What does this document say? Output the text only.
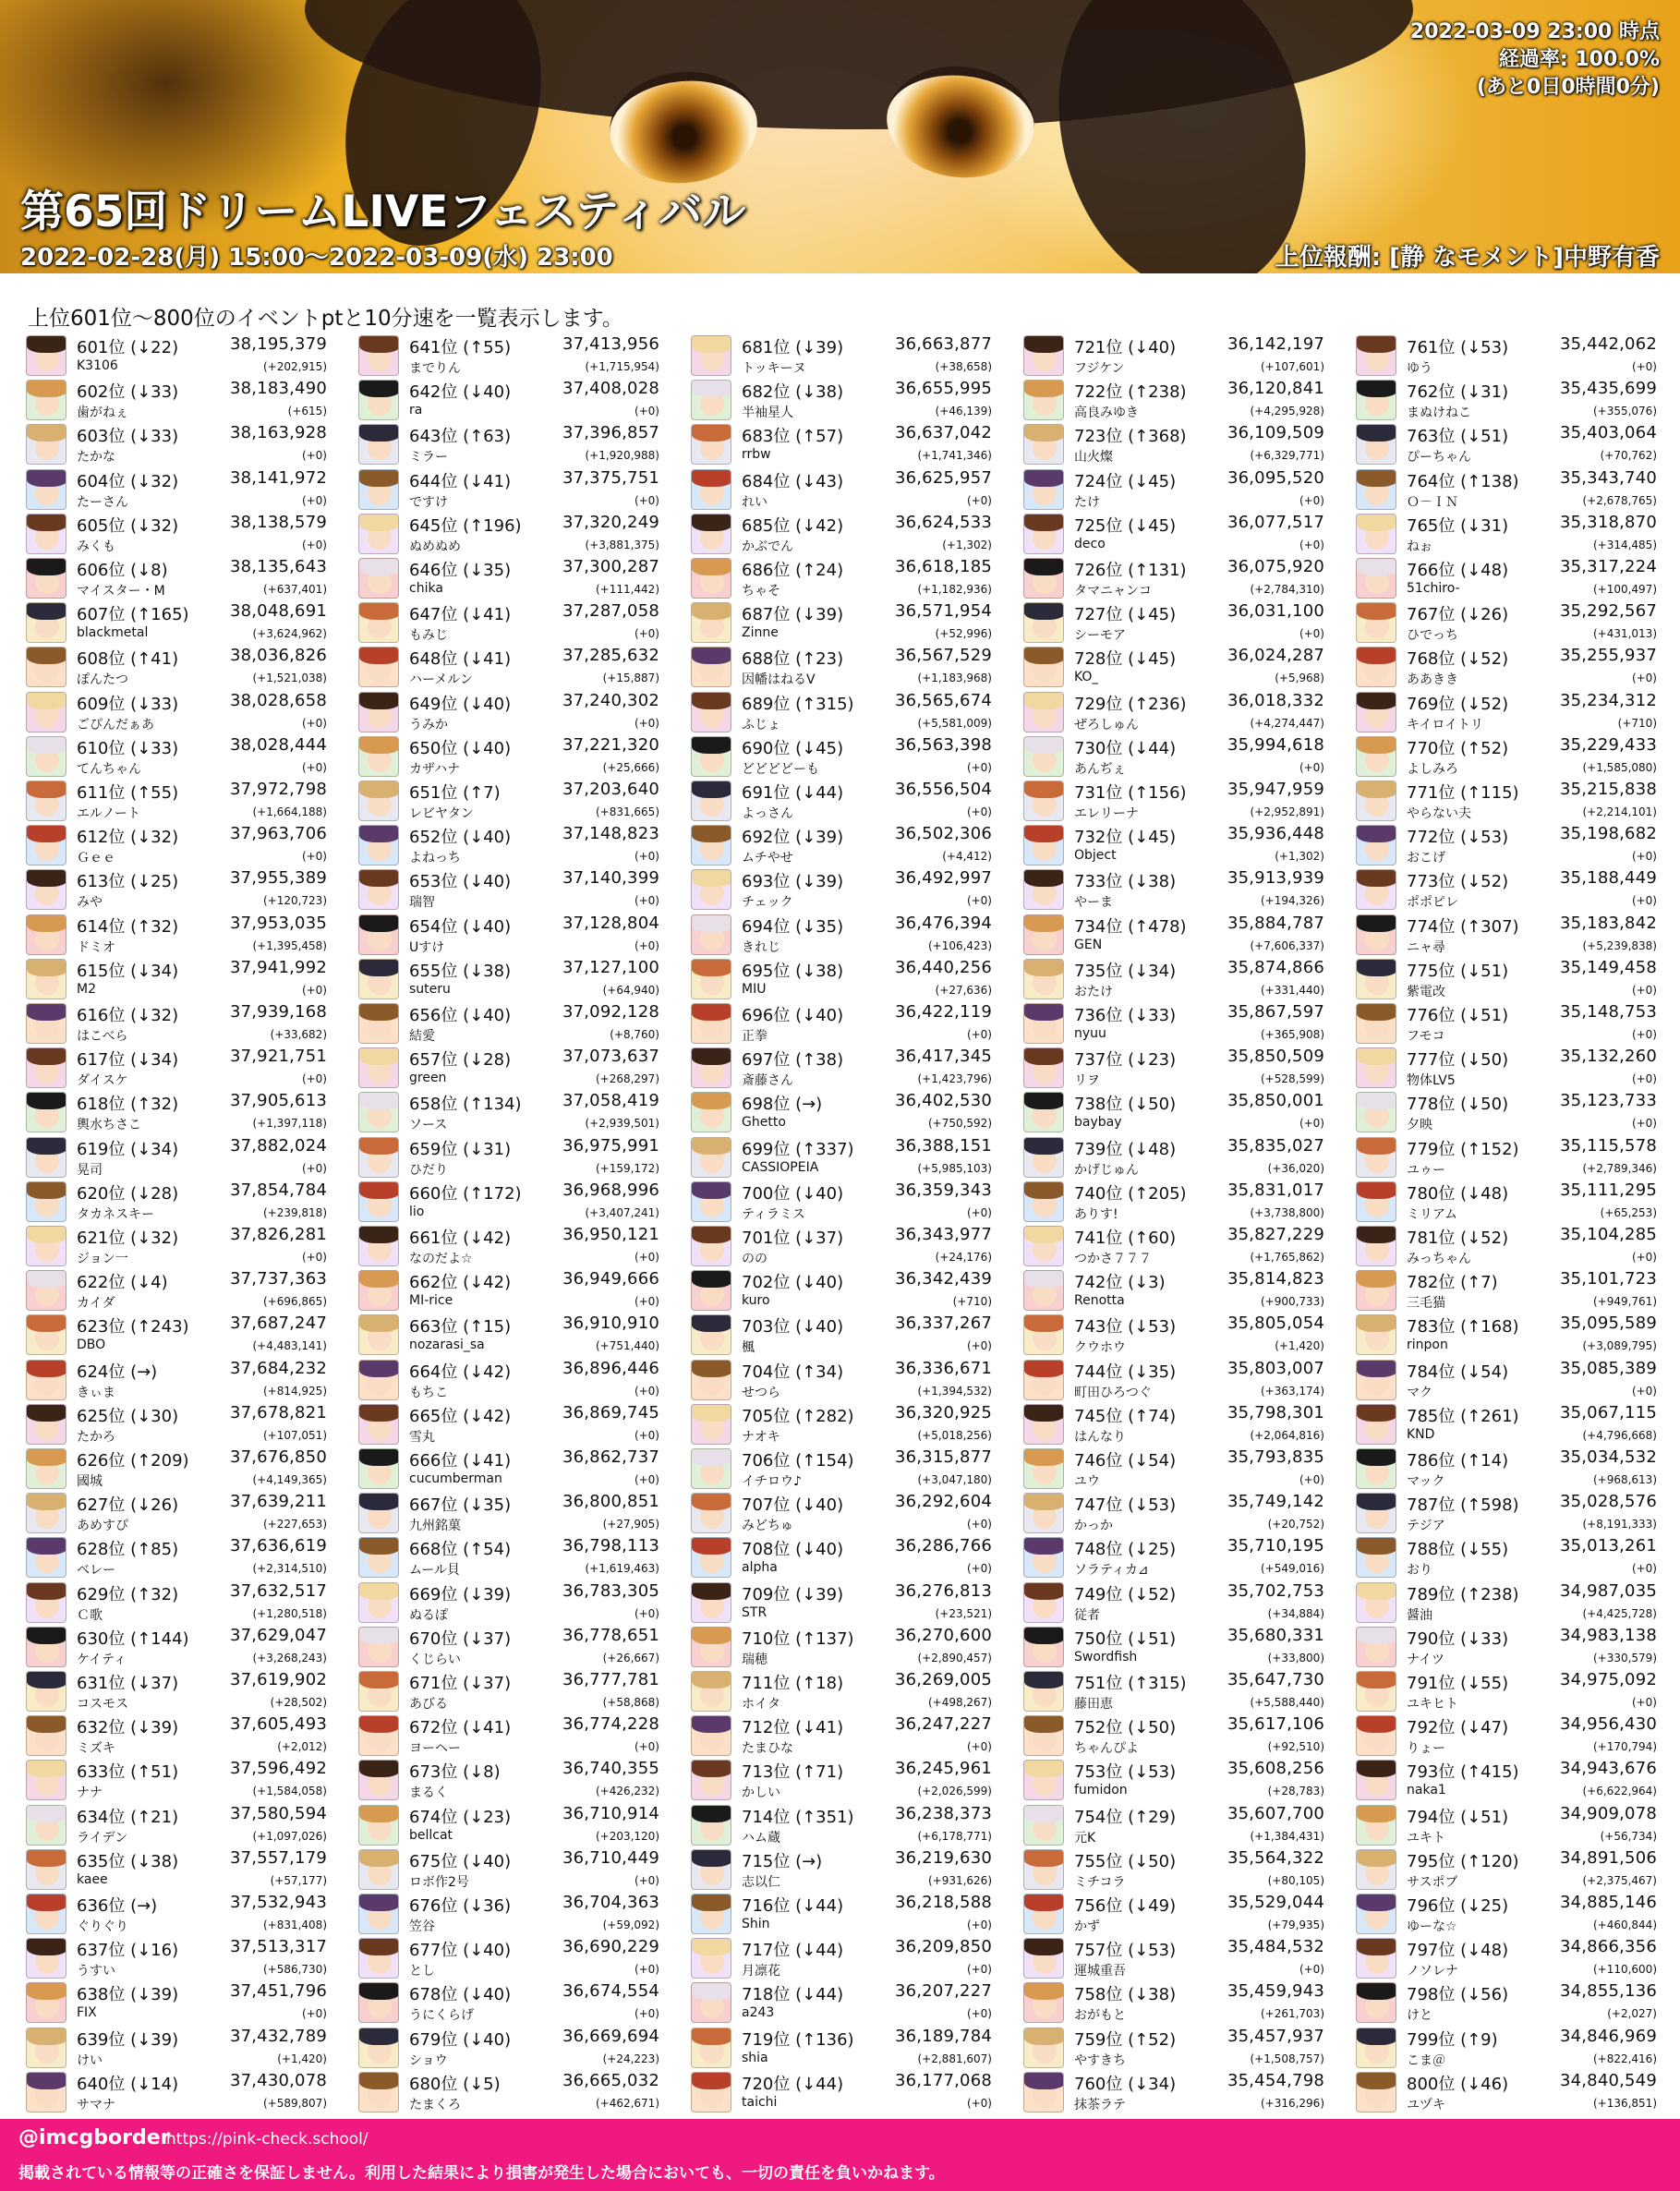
2022-03-09 23:00 時点
経過率: 100.0%
(あと0日0時間0分)
第65回ドリームLIVEフェスティバル
2022-02-28(月) 15:00～2022-03-09(水) 23:00	上位報酬: [静 なモメント]中野有香
上位601位～800位のイベントptと10分速を一覧表示します。
601位 (↓22)	38,195,379
K3106	(+202,915)
602位 (↓33)	38,183,490
歯がねぇ	(+615)
603位 (↓33)	38,163,928
たかな	(+0)
604位 (↓32)	38,141,972
たーさん	(+0)
605位 (↓32)	38,138,579
みくも	(+0)
606位 (↓8)	38,135,643
マイスター・M	(+637,401)
607位 (↑165) 38,048,691
blackmetal	(+3,624,962)
608位 (↑41)	38,036,826
ぽんたつ	(+1,521,038)
609位 (↓33)	38,028,658
ごぴんだぁあ	(+0)
610位 (↓33)	38,028,444
てんちゃん	(+0)
611位 (↑55)	37,972,798
エルノート	(+1,664,188)
612位 (↓32)	37,963,706
Ｇｅｅ	(+0)
613位 (↓25)	37,955,389
みや	(+120,723)
614位 (↑32)	37,953,035
ドミオ	(+1,395,458)
615位 (↓34)	37,941,992
M2	(+0)
616位 (↓32)	37,939,168
はこべら	(+33,682)
617位 (↓34)	37,921,751
ダイスケ	(+0)
618位 (↑32)	37,905,613
輿水ちさこ	(+1,397,118)
619位 (↓34)	37,882,024
晃司	(+0)
620位 (↓28)	37,854,784
タカネスキー	(+239,818)
621位 (↓32)	37,826,281
ジョン一	(+0)
622位 (↓4)	37,737,363
カイダ	(+696,865)
623位 (↑243) 37,687,247
DBO	(+4,483,141)
624位 (→)	37,684,232
きぃま	(+814,925)
625位 (↓30)	37,678,821
たかろ	(+107,051)
626位 (↑209) 37,676,850
國城	(+4,149,365)
627位 (↓26)	37,639,211
あめすぴ	(+227,653)
628位 (↑85)	37,636,619
ベレー	(+2,314,510)
629位 (↑32)	37,632,517
Ｃ歌	(+1,280,518)
630位 (↑144) 37,629,047
ケイティ	(+3,268,243)
631位 (↓37)	37,619,902
コスモス	(+28,502)
632位 (↓39)	37,605,493
ミズキ	(+2,012)
633位 (↑51)	37,596,492
ナナ	(+1,584,058)
634位 (↑21)	37,580,594
ライデン	(+1,097,026)
635位 (↓38)	37,557,179
kaee	(+57,177)
636位 (→)	37,532,943
ぐりぐり	(+831,408)
637位 (↓16)	37,513,317
うすい	(+586,730)
638位 (↓39)	37,451,796
FIX	(+0)
639位 (↓39)	37,432,789
けい	(+1,420)
640位 (↓14)	37,430,078
サマナ	(+589,807)
641位 (↑55)	37,413,956
までりん	(+1,715,954)
642位 (↓40)	37,408,028
ra	(+0)
643位 (↑63)	37,396,857
ミラー	(+1,920,988)
644位 (↓41)	37,375,751
ですけ	(+0)
645位 (↑196) 37,320,249
ぬめぬめ	(+3,881,375)
646位 (↓35)	37,300,287
chika	(+111,442)
647位 (↓41)	37,287,058
もみじ	(+0)
648位 (↓41)	37,285,632
ハーメルン	(+15,887)
649位 (↓40)	37,240,302
うみか	(+0)
650位 (↓40)	37,221,320
カザハナ	(+25,666)
651位 (↑7)	37,203,640
レビヤタン	(+831,665)
652位 (↓40)	37,148,823
よねっち	(+0)
653位 (↓40)	37,140,399
瑞智	(+0)
654位 (↓40)	37,128,804
Uすけ	(+0)
655位 (↓38)	37,127,100
suteru	(+64,940)
656位 (↓40)	37,092,128
結愛	(+8,760)
657位 (↓28)	37,073,637
green	(+268,297)
658位 (↑134) 37,058,419
ソース	(+2,939,501)
659位 (↓31)	36,975,991
ひだり	(+159,172)
660位 (↑172) 36,968,996
lio	(+3,407,241)
661位 (↓42)	36,950,121
なのだよ☆	(+0)
662位 (↓42)	36,949,666
MI-rice	(+0)
663位 (↑15)	36,910,910
nozarasi_sa	(+751,440)
664位 (↓42)	36,896,446
もちこ	(+0)
665位 (↓42)	36,869,745
雪丸	(+0)
666位 (↓41)	36,862,737
cucumberman	(+0)
667位 (↓35)	36,800,851
九州銘菓	(+27,905)
668位 (↑54)	36,798,113
ムール貝	(+1,619,463)
669位 (↓39)	36,783,305
ぬるぽ	(+0)
670位 (↓37)	36,778,651
くじらい	(+26,667)
671位 (↓37)	36,777,781
あびる	(+58,868)
672位 (↓41)	36,774,228
ヨーヘー	(+0)
673位 (↓8)	36,740,355
まるく	(+426,232)
674位 (↓23)	36,710,914
bellcat	(+203,120)
675位 (↓40)	36,710,449
ロボ作2号	(+0)
676位 (↓36)	36,704,363
笠谷	(+59,092)
677位 (↓40)	36,690,229
とし	(+0)
678位 (↓40)	36,674,554
うにくらげ	(+0)
679位 (↓40)	36,669,694
ショウ	(+24,223)
680位 (↓5)	36,665,032
たまくろ	(+462,671)
681位 (↓39)	36,663,877
トッキーヌ	(+38,658)
682位 (↓38)	36,655,995
半袖星人	(+46,139)
683位 (↑57)	36,637,042
rrbw	(+1,741,346)
684位 (↓43)	36,625,957
れい	(+0)
685位 (↓42)	36,624,533
かぶでん	(+1,302)
686位 (↑24)	36,618,185
ちゃそ	(+1,182,936)
687位 (↓39)	36,571,954
Zinne	(+52,996)
688位 (↑23)	36,567,529
因幡はねるV	(+1,183,968)
689位 (↑315) 36,565,674
ふじょ	(+5,581,009)
690位 (↓45)	36,563,398
どどどどーも	(+0)
691位 (↓44)	36,556,504
よっさん	(+0)
692位 (↓39)	36,502,306
ムチやせ	(+4,412)
693位 (↓39)	36,492,997
チェック	(+0)
694位 (↓35)	36,476,394
きれじ	(+106,423)
695位 (↓38)	36,440,256
MIU	(+27,636)
696位 (↓40)	36,422,119
正拳	(+0)
697位 (↑38)	36,417,345
斎藤さん	(+1,423,796)
698位 (→)	36,402,530
Ghetto	(+750,592)
699位 (↑337) 36,388,151
CASSIOPEIA	(+5,985,103)
700位 (↓40)	36,359,343
ティラミス	(+0)
701位 (↓37)	36,343,977
のの	(+24,176)
702位 (↓40)	36,342,439
kuro	(+710)
703位 (↓40)	36,337,267
楓	(+0)
704位 (↑34)	36,336,671
せつら	(+1,394,532)
705位 (↑282) 36,320,925
ナオキ	(+5,018,256)
706位 (↑154) 36,315,877
イチロウ♪	(+3,047,180)
707位 (↓40)	36,292,604
みどちゅ	(+0)
708位 (↓40)	36,286,766
alpha	(+0)
709位 (↓39)	36,276,813
STR	(+23,521)
710位 (↑137) 36,270,600
瑞穂	(+2,890,457)
711位 (↑18)	36,269,005
ホイタ	(+498,267)
712位 (↓41)	36,247,227
たまひな	(+0)
713位 (↑71)	36,245,961
かしい	(+2,026,599)
714位 (↑351) 36,238,373
ハム蔵	(+6,178,771)
715位 (→)	36,219,630
志以仁	(+931,626)
716位 (↓44)	36,218,588
Shin	(+0)
717位 (↓44)	36,209,850
月凛花	(+0)
718位 (↓44)	36,207,227
a243	(+0)
719位 (↑136) 36,189,784
shia	(+2,881,607)
720位 (↓44)	36,177,068
taichi	(+0)
721位 (↓40)	36,142,197
フジケン	(+107,601)
722位 (↑238) 36,120,841
高良みゆき	(+4,295,928)
723位 (↑368) 36,109,509
山火燦	(+6,329,771)
724位 (↓45)	36,095,520
たけ	(+0)
725位 (↓45)	36,077,517
deco	(+0)
726位 (↑131) 36,075,920
タマニャンコ	(+2,784,310)
727位 (↓45)	36,031,100
シーモア	(+0)
728位 (↓45)	36,024,287
KO_	(+5,968)
729位 (↑236) 36,018,332
ぜろしゅん	(+4,274,447)
730位 (↓44)	35,994,618
あんぢぇ	(+0)
731位 (↑156) 35,947,959
エレリーナ	(+2,952,891)
732位 (↓45)	35,936,448
Object	(+1,302)
733位 (↓38)	35,913,939
やーま	(+194,326)
734位 (↑478) 35,884,787
GEN	(+7,606,337)
735位 (↓34)	35,874,866
おたけ	(+331,440)
736位 (↓33)	35,867,597
nyuu	(+365,908)
737位 (↓23)	35,850,509
リヲ	(+528,599)
738位 (↓50)	35,850,001
baybay	(+0)
739位 (↓48)	35,835,027
かげじゅん	(+36,020)
740位 (↑205) 35,831,017
ありす!	(+3,738,800)
741位 (↑60)	35,827,229
つかさ７７７	(+1,765,862)
742位 (↓3)	35,814,823
Renotta	(+900,733)
743位 (↓53)	35,805,054
クウホウ	(+1,420)
744位 (↓35)	35,803,007
町田ひろつぐ	(+363,174)
745位 (↑74)	35,798,301
はんなり	(+2,064,816)
746位 (↓54)	35,793,835
ユウ	(+0)
747位 (↓53)	35,749,142
かっか	(+20,752)
748位 (↓25)	35,710,195
ソラティカ⊿	(+549,016)
749位 (↓52)	35,702,753
従者	(+34,884)
750位 (↓51)	35,680,331
Swordfish	(+33,800)
751位 (↑315) 35,647,730
藤田恵	(+5,588,440)
752位 (↓50)	35,617,106
ちゃんぴよ	(+92,510)
753位 (↓53)	35,608,256
fumidon	(+28,783)
754位 (↑29)	35,607,700
元K	(+1,384,431)
755位 (↓50)	35,564,322
ミチコラ	(+80,105)
756位 (↓49)	35,529,044
かず	(+79,935)
757位 (↓53)	35,484,532
運城重吾	(+0)
758位 (↓38)	35,459,943
おがもと	(+261,703)
759位 (↑52)	35,457,937
やすきち	(+1,508,757)
760位 (↓34)	35,454,798
抹茶ラテ	(+316,296)
761位 (↓53)	35,442,062
ゆう	(+0)
762位 (↓31)	35,435,699
まぬけねこ	(+355,076)
763位 (↓51)	35,403,064
ぴーちゃん	(+70,762)
764位 (↑138) 35,343,740
Ｏ－ＩＮ	(+2,678,765)
765位 (↓31)	35,318,870
ねぉ	(+314,485)
766位 (↓48)	35,317,224
51chiro-	(+100,497)
767位 (↓26)	35,292,567
ひでっち	(+431,013)
768位 (↓52)	35,255,937
ああきき	(+0)
769位 (↓52)	35,234,312
キイロイトリ	(+710)
770位 (↑52)	35,229,433
よしみろ	(+1,585,080)
771位 (↑115) 35,215,838
やらない夫	(+2,214,101)
772位 (↓53)	35,198,682
おこげ	(+0)
773位 (↓52)	35,188,449
ポポピレ	(+0)
774位 (↑307) 35,183,842
ニャ尋	(+5,239,838)
775位 (↓51)	35,149,458
紫電改	(+0)
776位 (↓51)	35,148,753
フモコ	(+0)
777位 (↓50)	35,132,260
物体LV5	(+0)
778位 (↓50)	35,123,733
夕映	(+0)
779位 (↑152) 35,115,578
ユゥー	(+2,789,346)
780位 (↓48)	35,111,295
ミリアム	(+65,253)
781位 (↓52)	35,104,285
みっちゃん	(+0)
782位 (↑7)	35,101,723
三毛猫	(+949,761)
783位 (↑168) 35,095,589
rinpon	(+3,089,795)
784位 (↓54)	35,085,389
マク	(+0)
785位 (↑261) 35,067,115
KND	(+4,796,668)
786位 (↑14)	35,034,532
マック	(+968,613)
787位 (↑598) 35,028,576
テジア	(+8,191,333)
788位 (↓55)	35,013,261
おり	(+0)
789位 (↑238) 34,987,035
醤油	(+4,425,728)
790位 (↓33)	34,983,138
ナイツ	(+330,579)
791位 (↓55)	34,975,092
ユキヒト	(+0)
792位 (↓47)	34,956,430
りょー	(+170,794)
793位 (↑415) 34,943,676
naka1	(+6,622,964)
794位 (↓51)	34,909,078
ユキト	(+56,734)
795位 (↑120) 34,891,506
サスポブ	(+2,375,467)
796位 (↓25)	34,885,146
ゆーな☆	(+460,844)
797位 (↓48)	34,866,356
ノソレナ	(+110,600)
798位 (↓56)	34,855,136
けと	(+2,027)
799位 (↑9)	34,846,969
こま＠	(+822,416)
800位 (↓46)	34,840,549
ユヅキ	(+136,851)
@imcgborder
https://pink-check.school/
掲載されている情報等の正確さを保証しません。利用した結果により損害が発生した場合においても、一切の責任を負いかねます。
